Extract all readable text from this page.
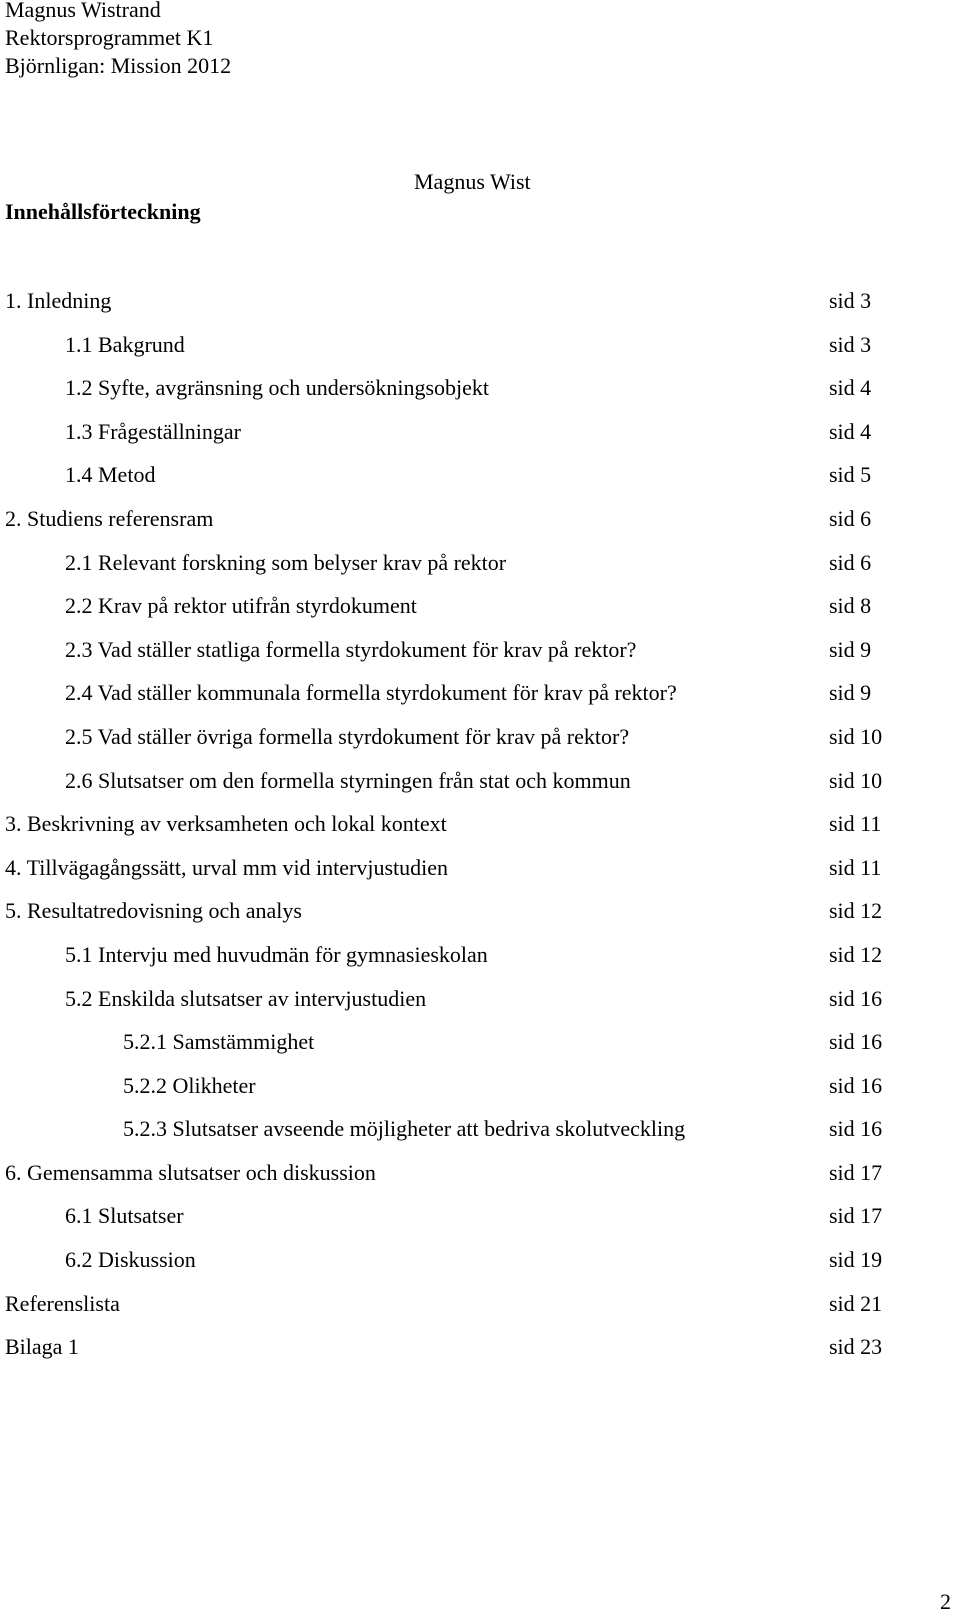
Magnus Wistrand
Rektorsprogrammet K1
Björnligan: Mission 2012
Magnus Wist
Innehållsförteckning
1. Inledning	sid 3
1.1 Bakgrund	sid 3
1.2 Syfte, avgränsning och undersökningsobjekt	sid 4
1.3 Frågeställningar	sid 4
1.4 Metod	sid 5
2. Studiens referensram	sid 6
2.1 Relevant forskning som belyser krav på rektor	sid 6
2.2 Krav på rektor utifrån styrdokument	sid 8
2.3 Vad ställer statliga formella styrdokument för krav på rektor?	sid 9
2.4 Vad ställer kommunala formella styrdokument för krav på rektor?	sid 9
2.5 Vad ställer övriga formella styrdokument för krav på rektor?	sid 10
2.6 Slutsatser om den formella styrningen från stat och kommun	sid 10
3. Beskrivning av verksamheten och lokal kontext	sid 11
4. Tillvägagångssätt, urval mm vid intervjustudien	sid 11
5. Resultatredovisning och analys	sid 12
5.1 Intervju med huvudmän för gymnasieskolan	sid 12
5.2 Enskilda slutsatser av intervjustudien	sid 16
5.2.1 Samstämmighet	sid 16
5.2.2 Olikheter	sid 16
5.2.3 Slutsatser avseende möjligheter att bedriva skolutveckling	sid 16
6. Gemensamma slutsatser och diskussion	sid 17
6.1 Slutsatser	sid 17
6.2 Diskussion	sid 19
Referenslista	sid 21
Bilaga 1	sid 23
2
